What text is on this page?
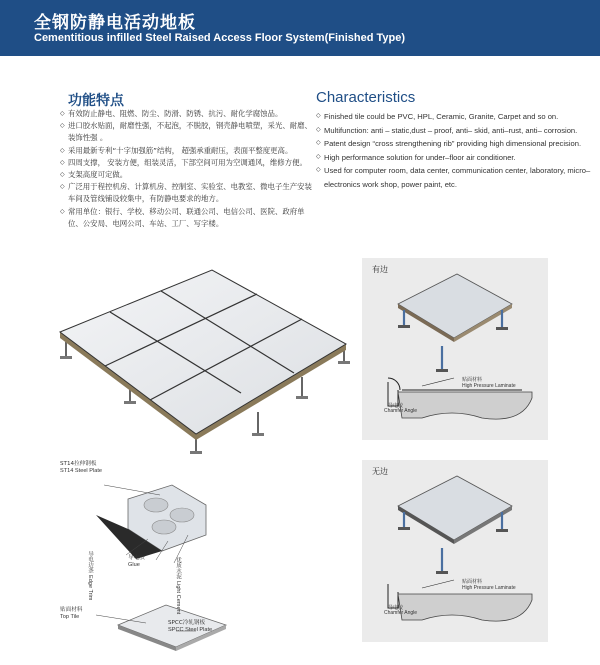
全钢防静电活动地板
Cementitious infilled Steel Raised Access Floor System(Finished Type)
功能特点
◇ 有效防止静电、阻燃、防尘、防滑、防锈、抗污、耐化学腐蚀品。
◇ 进口胶水贴面，耐磨性强，不起泡，不脱胶，钢壳静电喷塑，采光、耐磨、装饰性强 。
◇ 采用最新专利“十字加强筋”结构， 超强承重耐压，表面平整度更高。
◇ 四周支撑， 安装方便，组装灵活，下部空间可用为空调通风，维修方便。
◇ 支架高度可定做。
◇ 广泛用于程控机房、计算机房、控制室、实验室、电教室、微电子生产安装车间及管线铺设较集中，有防静电要求的地方。
◇ 常用单位：银行、学校、移动公司、联通公司、电信公司、医院、政府单位、公安局、电网公司、车站、工厂、写字楼。
Characteristics
◇ Finished tile could be PVC, HPL, Ceramic, Granite, Carpet and so on.
◇ Multifunction: anti – static,dust – proof, anti– skid, anti–rust, anti– corrosion.
◇ Patent design “cross strengthening rib” providing high dimensional precision.
◇ High performance solution for under–floor air conditioner.
◇ Used for computer room, data center, communication center, laboratory, micro–electronics work shop, power paint, etc.
有边
贴面材料
High Pressure Laminate
导电胶
Chamfer Angle
无边
贴面材料
High Pressure Laminate
导电胶
Chamfer Angle
ST14拉伸钢板
ST14 Steel Plate
导电边条 Edge Trim
导电胶
Glue	优质水泥 Light Cement
贴面材料
Top Tile
SPCC冷轧钢板
SPCC Steel Plate
